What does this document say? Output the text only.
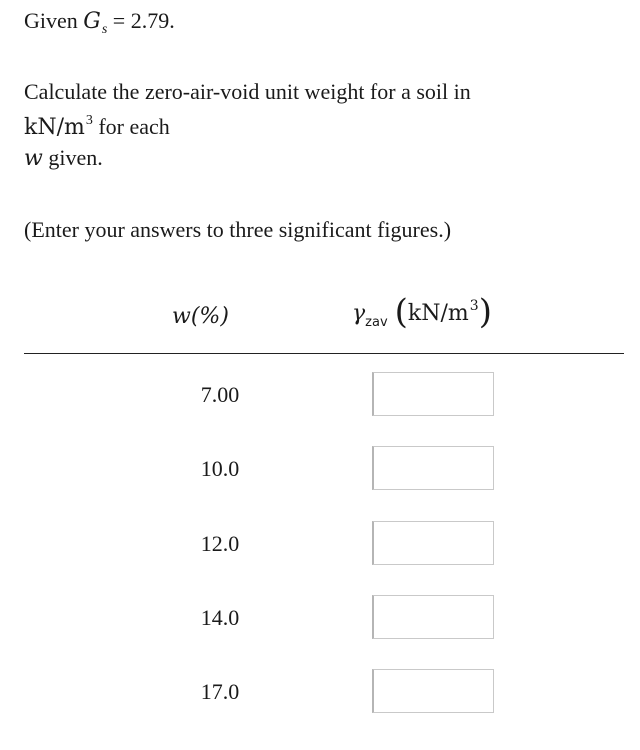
Given $G_s = 2.79$.
Calculate the zero-air-void unit weight for a soil in
$kN/m^3$ for each
w given.
(Enter your answers to three significant figures.)
w(%)	$\gamma_{zav}$ $(kN/m^3)$
7.00
10.0
12.0
14.0
17.0
